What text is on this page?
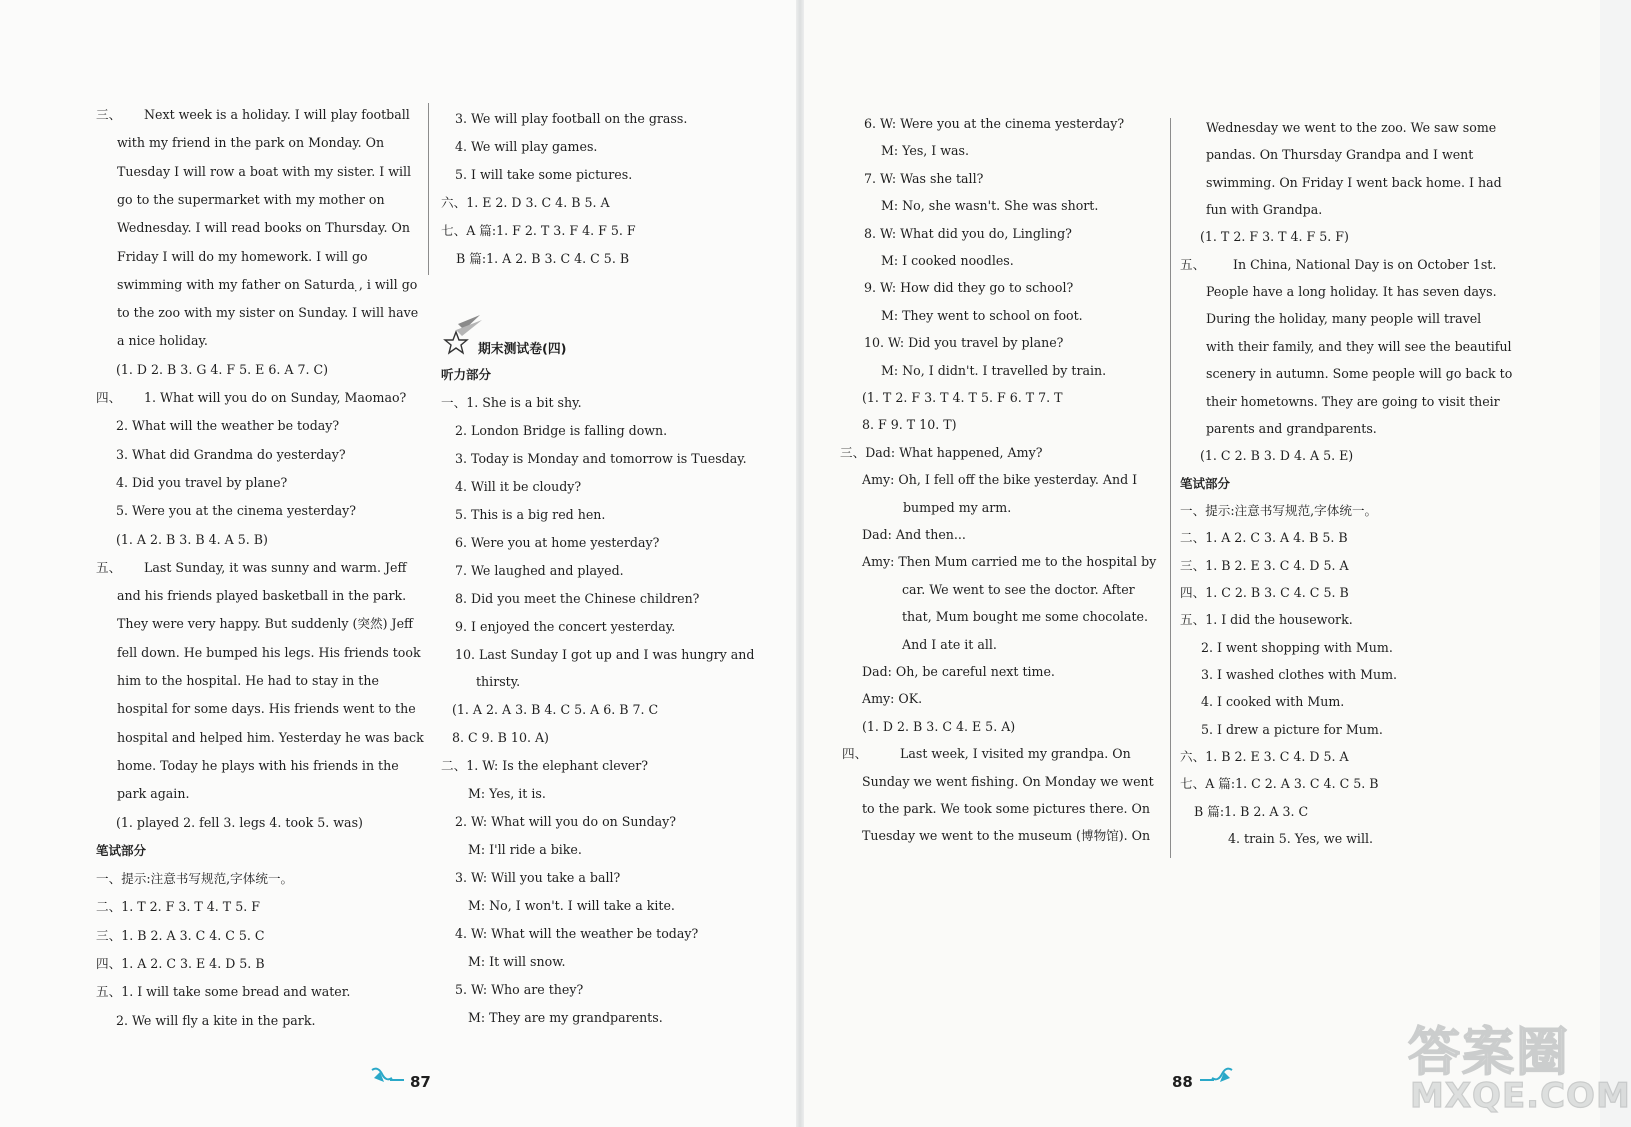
三、 Next week is a holiday. I will play football
with my friend in the park on Monday. On
Tuesday I will row a boat with my sister. I will
go to the supermarket with my mother on
Wednesday. I will read books on Thursday. On
Friday I will do my homework. I will go
swimming with my father on Saturda ̣, i will go
to the zoo with my sister on Sunday. I will have
a nice holiday.
(1. D 2. B 3. G 4. F 5. E 6. A 7. C)
四、 1. What will you do on Sunday, Maomao?
2. What will the weather be today?
3. What did Grandma do yesterday?
4. Did you travel by plane?
5. Were you at the cinema yesterday?
(1. A 2. B 3. B 4. A 5. B)
五、 Last Sunday, it was sunny and warm. Jeff
and his friends played basketball in the park.
They were very happy. But suddenly (突然) Jeff
fell down. He bumped his legs. His friends took
him to the hospital. He had to stay in the
hospital for some days. His friends went to the
hospital and helped him. Yesterday he was back
home. Today he plays with his friends in the
park again.
(1. played 2. fell 3. legs 4. took 5. was)
笔试部分
一、提示:注意书写规范,字体统一。
二、1. T 2. F 3. T 4. T 5. F
三、1. B 2. A 3. C 4. C 5. C
四、1. A 2. C 3. E 4. D 5. B
五、1. I will take some bread and water.
2. We will fly a kite in the park.
3. We will play football on the grass.
4. We will play games.
5. I will take some pictures.
六、1. E 2. D 3. C 4. B 5. A
七、A 篇:1. F 2. T 3. F 4. F 5. F
B 篇:1. A 2. B 3. C 4. C 5. B
期末测试卷(四)
听力部分
一、1. She is a bit shy.
2. London Bridge is falling down.
3. Today is Monday and tomorrow is Tuesday.
4. Will it be cloudy?
5. This is a big red hen.
6. Were you at home yesterday?
7. We laughed and played.
8. Did you meet the Chinese children?
9. I enjoyed the concert yesterday.
10. Last Sunday I got up and I was hungry and
thirsty.
(1. A 2. A 3. B 4. C 5. A 6. B 7. C
8. C 9. B 10. A)
二、1. W: Is the elephant clever?
M: Yes, it is.
2. W: What will you do on Sunday?
M: I'll ride a bike.
3. W: Will you take a ball?
M: No, I won't. I will take a kite.
4. W: What will the weather be today?
M: It will snow.
5. W: Who are they?
M: They are my grandparents.
6. W: Were you at the cinema yesterday?
M: Yes, I was.
7. W: Was she tall?
M: No, she wasn't. She was short.
8. W: What did you do, Lingling?
M: I cooked noodles.
9. W: How did they go to school?
M: They went to school on foot.
10. W: Did you travel by plane?
M: No, I didn't. I travelled by train.
(1. T 2. F 3. T 4. T 5. F 6. T 7. T
8. F 9. T 10. T)
三、Dad: What happened, Amy?
Amy: Oh, I fell off the bike yesterday. And I
bumped my arm.
Dad: And then...
Amy: Then Mum carried me to the hospital by
car. We went to see the doctor. After
that, Mum bought me some chocolate.
And I ate it all.
Dad: Oh, be careful next time.
Amy: OK.
(1. D 2. B 3. C 4. E 5. A)
四、	Last week, I visited my grandpa. On
Sunday we went fishing. On Monday we went
to the park. We took some pictures there. On
Tuesday we went to the museum (博物馆). On
Wednesday we went to the zoo. We saw some
pandas. On Thursday Grandpa and I went
swimming. On Friday I went back home. I had
fun with Grandpa.
(1. T 2. F 3. T 4. F 5. F)
五、 In China, National Day is on October 1st.
People have a long holiday. It has seven days.
During the holiday, many people will travel
with their family, and they will see the beautiful
scenery in autumn. Some people will go back to
their hometowns. They are going to visit their
parents and grandparents.
(1. C 2. B 3. D 4. A 5. E)
笔试部分
一、提示:注意书写规范,字体统一。
二、1. A 2. C 3. A 4. B 5. B
三、1. B 2. E 3. C 4. D 5. A
四、1. C 2. B 3. C 4. C 5. B
五、1. I did the housework.
2. I went shopping with Mum.
3. I washed clothes with Mum.
4. I cooked with Mum.
5. I drew a picture for Mum.
六、1. B 2. E 3. C 4. D 5. A
七、A 篇:1. C 2. A 3. C 4. C 5. B
B 篇:1. B 2. A 3. C
4. train 5. Yes, we will.
87	88	答案圈
MXQE.COM
